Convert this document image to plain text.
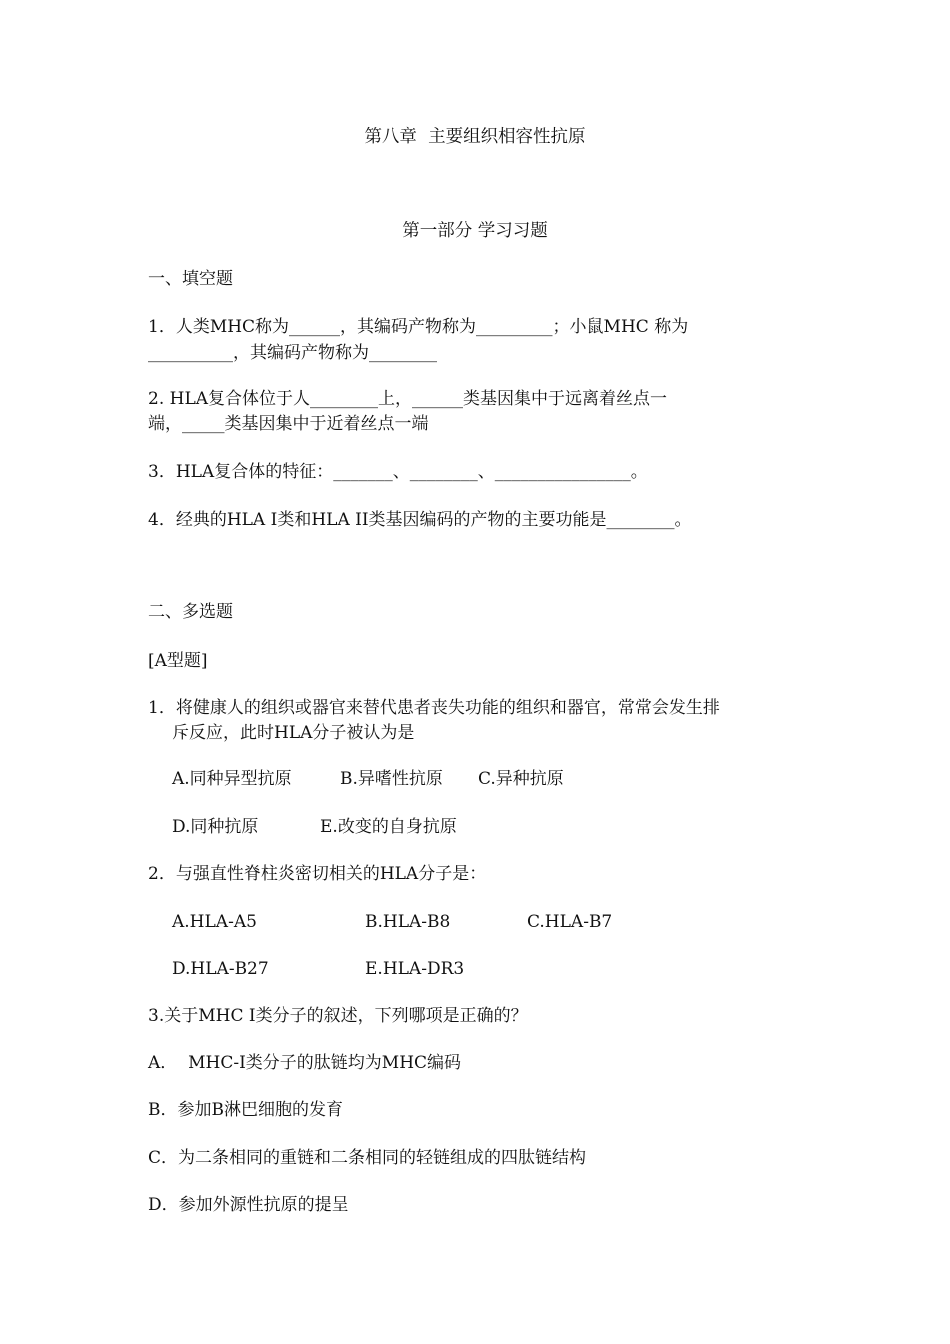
第八章  主要组织相容性抗原
第一部分 学习习题
一、填空题
1．人类MHC称为______，其编码产物称为_________；小鼠MHC 称为
__________，其编码产物称为________
2. HLA复合体位于人________上，______类基因集中于远离着丝点一
端，_____类基因集中于近着丝点一端
3．HLA复合体的特征：_______、________、________________。
4．经典的HLA I类和HLA II类基因编码的产物的主要功能是________。
二、多选题
[A型题]
1．将健康人的组织或器官来替代患者丧失功能的组织和器官，常常会发生排
斥反应，此时HLA分子被认为是
A.同种异型抗原	B.异嗜性抗原 C.异种抗原
D.同种抗原	E.改变的自身抗原
2．与强直性脊柱炎密切相关的HLA分子是：
A.HLA-A5	B.HLA-B8	C.HLA-B7
D.HLA-B27	E.HLA-DR3
3.关于MHC I类分子的叙述，下列哪项是正确的？
A．  MHC-I类分子的肽链均为MHC编码
B．参加B淋巴细胞的发育
C．为二条相同的重链和二条相同的轻链组成的四肽链结构
D．参加外源性抗原的提呈
